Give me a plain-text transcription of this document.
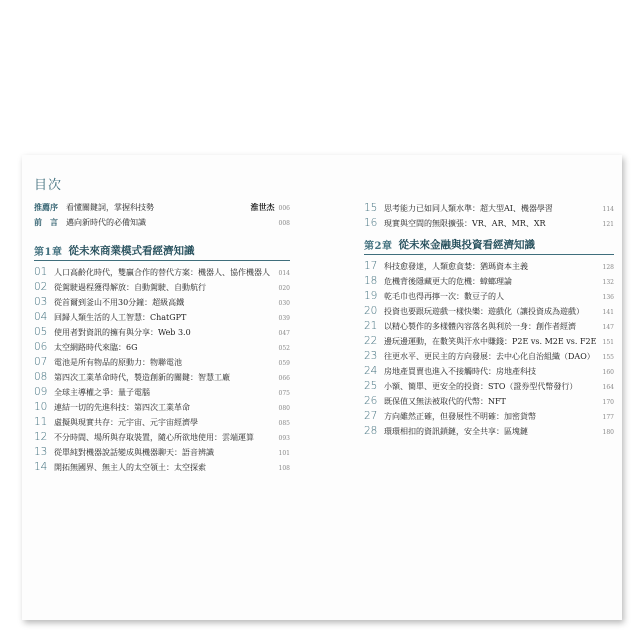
目次
推薦序	看懂關鍵詞，掌握科技勢	淮世杰 006
前　言	邁向新時代的必備知識	008
第1章 從未來商業模式看經濟知識
01 人口高齡化時代，雙贏合作的替代方案：機器人、協作機器人	014
02 從駕駛過程獲得解放：自動駕駛、自動航行	020
03 從首爾到釜山不用30分鐘：超級高鐵	030
04 回歸人類生活的人工智慧：ChatGPT	039
05 使用者對資訊的擁有與分享：Web 3.0	047
06 太空網路時代來臨：6G	052
07 電池是所有物品的原動力：物聯電池	059
08 第四次工業革命時代，製造創新的關鍵：智慧工廠	066
09 全球主導權之爭：量子電腦	075
10 連結一切的先進科技：第四次工業革命	080
11 虛擬與現實共存：元宇宙、元宇宙經濟學	085
12 不分時間、場所與存取裝置，隨心所欲地使用：雲端運算	093
13 從單純對機器說話變成與機器聊天：語音辨識	101
14 開拓無國界、無主人的太空領土：太空探索	108
15 思考能力已如同人類水準：超大型AI、機器學習	114
16 現實與空間的無限擴張：VR、AR、MR、XR	121
第2章 從未來金融與投資看經濟知識
17 科技愈發達，人類愈貪婪：猶瑪資本主義	128
18 危機背後隱藏更大的危機：蟑螂理論	132
19 乾毛巾也得再擰一次：數豆子的人	136
20 投資也要跟玩遊戲一樣快樂：遊戲化（讓投資成為遊戲）	141
21 以精心製作的多樣體內容落名與利於一身：創作者經濟	147
22 邊玩邊運動，在數笑與汗水中賺錢：P2E vs. M2E vs. F2E	151
23 往更水平、更民主的方向發展：去中心化自治組織（DAO）	155
24 房地產買賣也進入不接觸時代：房地產科技	160
25 小額、簡單、更安全的投資：STO（證券型代幣發行）	164
26 既保值又無法被取代的代幣：NFT	170
27 方向雖然正確，但發展性不明確：加密貨幣	177
28 環環相扣的資訊鎖鏈，安全共享：區塊鏈	180
